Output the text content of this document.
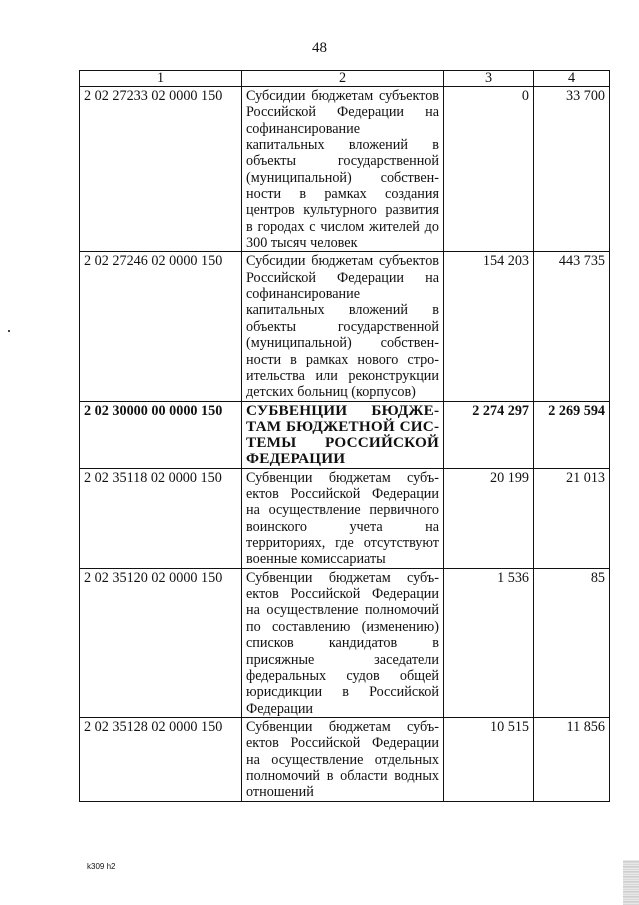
48
1	2	3	4
2 02 27233 02 0000 150	Субсидии бюджетам субъектов Российской Федерации на софинансирование капитальных вложений в объекты государственной (муниципальной) собственности в рамках создания центров культурного развития в городах с числом жителей до 300 тысяч человек	0	33 700
2 02 27246 02 0000 150	Субсидии бюджетам субъектов Российской Федерации на софинансирование капитальных вложений в объекты государственной (муниципальной) собственности в рамках нового строительства или реконструкции детских больниц (корпусов)	154 203	443 735
2 02 30000 00 0000 150	СУБВЕНЦИИ БЮДЖЕТАМ БЮДЖЕТНОЙ СИСТЕМЫ РОССИЙСКОЙ ФЕДЕРАЦИИ	2 274 297	2 269 594
2 02 35118 02 0000 150	Субвенции бюджетам субъектов Российской Федерации на осуществление первичного воинского учета на территориях, где отсутствуют военные комиссариаты	20 199	21 013
2 02 35120 02 0000 150	Субвенции бюджетам субъектов Российской Федерации на осуществление полномочий по составлению (изменению) списков кандидатов в присяжные заседатели федеральных судов общей юрисдикции в Российской Федерации	1 536	85
2 02 35128 02 0000 150	Субвенции бюджетам субъектов Российской Федерации на осуществление отдельных полномочий в области водных отношений	10 515	11 856
k309 h2
